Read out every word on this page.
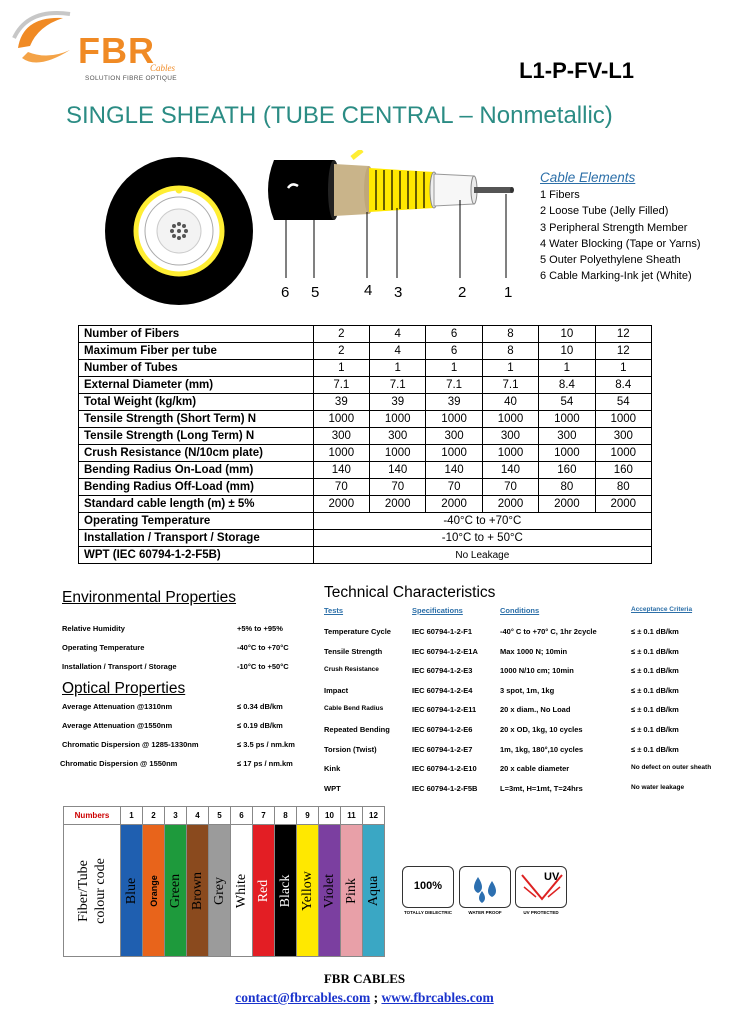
FBR
Cables
SOLUTION FIBRE OPTIQUE	L1-P-FV-L1
SINGLE SHEATH (TUBE CENTRAL – Nonmetallic)
6 5	4 3	2	1
Cable Elements
1 Fibers
2 Loose Tube (Jelly Filled)
3 Peripheral Strength Member
4 Water Blocking (Tape or Yarns)
5 Outer Polyethylene Sheath
6 Cable Marking-Ink jet (White)
Number of Fibers	2	4	6	8	10	12
Maximum Fiber per tube	2	4	6	8	10	12
Number of Tubes	1	1	1	1	1	1
External Diameter (mm)	7.1	7.1	7.1	7.1	8.4	8.4
Total Weight (kg/km)	39	39	39	40	54	54
Tensile Strength (Short Term) N	1000	1000	1000	1000	1000	1000
Tensile Strength (Long Term) N	300	300	300	300	300	300
Crush Resistance (N/10cm plate)	1000	1000	1000	1000	1000	1000
Bending Radius On-Load (mm)	140	140	140	140	160	160
Bending Radius Off-Load (mm)	70	70	70	70	80	80
Standard cable length (m) ± 5%	2000	2000	2000	2000	2000	2000
Operating Temperature	-40°C to +70°C					
Installation / Transport / Storage	-10°C to + 50°C					
WPT (IEC 60794-1-2-F5B)	No Leakage					
Environmental Properties
Relative Humidity	+5% to +95%
Operating Temperature	-40°C to +70°C
Installation / Transport / Storage	-10°C to +50°C
Optical Properties
Average Attenuation @1310nm	≤ 0.34 dB/km
Average Attenuation @1550nm	≤ 0.19 dB/km
Chromatic Dispersion @ 1285-1330nm	≤ 3.5 ps / nm.km
Chromatic Dispersion @ 1550nm	≤ 17 ps / nm.km
Technical Characteristics
Tests	Specifications	Conditions	Acceptance Criteria
Temperature Cycle	IEC 60794-1-2-F1	-40° C to +70° C, 1hr 2cycle	≤ ± 0.1 dB/km
Tensile Strength	IEC 60794-1-2-E1A	Max 1000 N; 10min	≤ ± 0.1 dB/km
Crush Resistance	IEC 60794-1-2-E3	1000 N/10 cm; 10min	≤ ± 0.1 dB/km
Impact	IEC 60794-1-2-E4	3 spot, 1m, 1kg	≤ ± 0.1 dB/km
Cable Bend Radius	IEC 60794-1-2-E11	20 x diam., No Load	≤ ± 0.1 dB/km
Repeated Bending	IEC 60794-1-2-E6	20 x OD, 1kg, 10 cycles	≤ ± 0.1 dB/km
Torsion (Twist)	IEC 60794-1-2-E7	1m, 1kg, 180°,10 cycles	≤ ± 0.1 dB/km
Kink	IEC 60794-1-2-E10	20 x cable diameter	No defect on outer sheath
WPT	IEC 60794-1-2-F5B	L=3mt, H=1mt, T=24hrs	No water leakage
Numbers	1	2	3	4	5	6	7	8	9	10	11	12

Fiber/Tube colour code	Blue	Orange	Green	Brown	Grey	White	Red	Black	Yellow	Violet	Pink	Aqua	100%
TOTALLY DIELECTRIC	WATER PROOF
UV
UV PROTECTED
FBR CABLES
contact@fbrcables.com ; www.fbrcables.com
